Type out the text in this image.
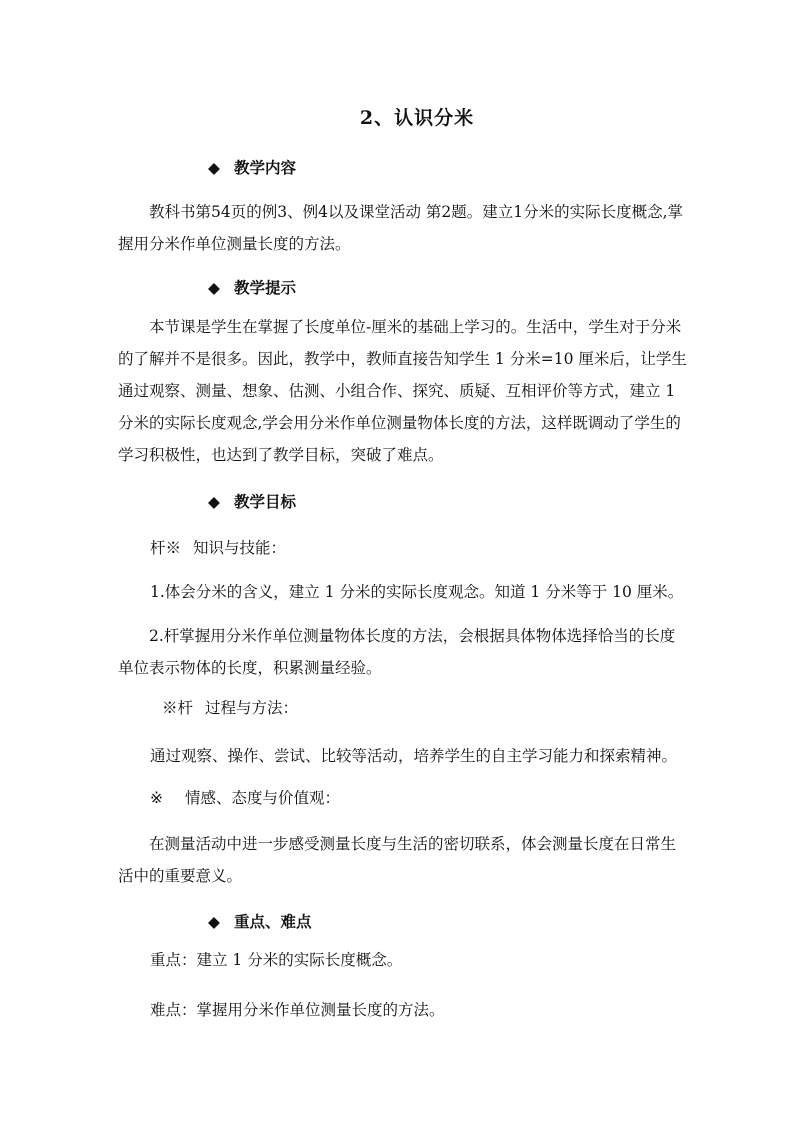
2、认识分米
◆ 教学内容
教科书第54页的例3、例4以及课堂活动 第2题。建立1分米的实际长度概念,掌握用分米作单位测量长度的方法。
◆ 教学提示
本节课是学生在掌握了长度单位-厘米的基础上学习的。生活中，学生对于分米的了解并不是很多。因此，教学中，教师直接告知学生 1 分米=10 厘米后，让学生通过观察、测量、想象、估测、小组合作、探究、质疑、互相评价等方式，建立 1 分米的实际长度观念,学会用分米作单位测量物体长度的方法，这样既调动了学生的学习积极性，也达到了教学目标，突破了难点。
◆ 教学目标
杆※ 知识与技能：
1.体会分米的含义，建立 1 分米的实际长度观念。知道 1 分米等于 10 厘米。
2.杆掌握用分米作单位测量物体长度的方法，会根据具体物体选择恰当的长度单位表示物体的长度，积累测量经验。
※杆 过程与方法：
通过观察、操作、尝试、比较等活动，培养学生的自主学习能力和探索精神。
※ 情感、态度与价值观：
在测量活动中进一步感受测量长度与生活的密切联系，体会测量长度在日常生活中的重要意义。
◆ 重点、难点
重点：建立 1 分米的实际长度概念。
难点：掌握用分米作单位测量长度的方法。
